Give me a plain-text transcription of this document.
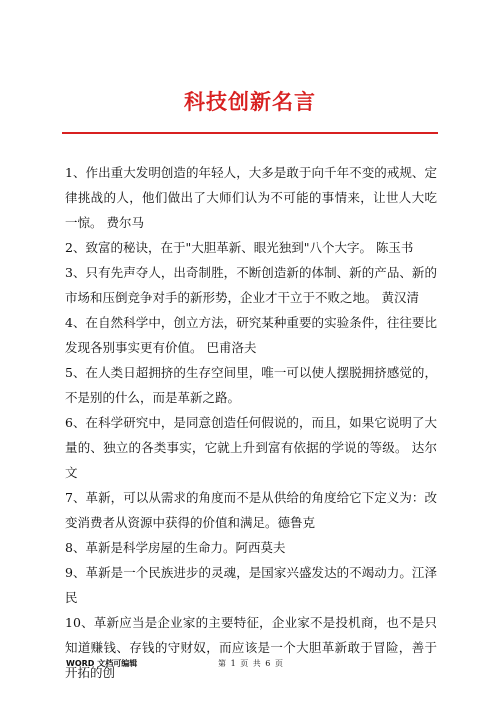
科技创新名言

1、作出重大发明创造的年轻人，大多是敢于向千年不变的戒规、定律挑战的人，他们做出了大师们认为不可能的事情来，让世人大吃一惊。 费尔马

2、致富的秘诀，在于"大胆革新、眼光独到"八个大字。 陈玉书

3、只有先声夺人，出奇制胜，不断创造新的体制、新的产品、新的市场和压倒竞争对手的新形势，企业才干立于不败之地。 黄汉清

4、在自然科学中，创立方法，研究某种重要的实验条件，往往要比发现各别事实更有价值。 巴甫洛夫

5、在人类日超拥挤的生存空间里，唯一可以使人摆脱拥挤感觉的，不是别的什么，而是革新之路。

6、在科学研究中，是同意创造任何假说的，而且，如果它说明了大量的、独立的各类事实，它就上升到富有依据的学说的等级。 达尔文

7、革新，可以从需求的角度而不是从供给的角度给它下定义为：改变消费者从资源中获得的价值和满足。德鲁克

8、革新是科学房屋的生命力。阿西莫夫

9、革新是一个民族进步的灵魂，是国家兴盛发达的不竭动力。江泽民

10、革新应当是企业家的主要特征，企业家不是投机商，也不是只知道赚钱、存钱的守财奴，而应该是一个大胆革新敢于冒险，善于开拓的创

WORD 文档可编辑	第 1 页 共 6 页
